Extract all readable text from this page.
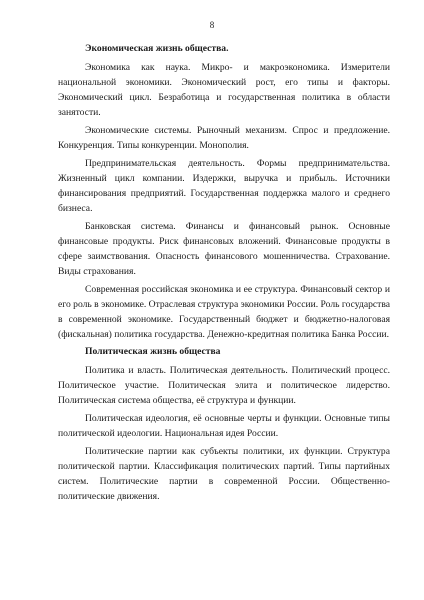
8

Экономическая жизнь общества.

Экономика как наука. Микро- и макроэкономика. Измерители национальной экономики. Экономический рост, его типы и факторы. Экономический цикл. Безработица и государственная политика в области занятости.

Экономические системы. Рыночный механизм. Спрос и предложение. Конкуренция. Типы конкуренции. Монополия.

Предпринимательская деятельность. Формы предпринимательства. Жизненный цикл компании. Издержки, выручка и прибыль. Источники финансирования предприятий. Государственная поддержка малого и среднего бизнеса.

Банковская система. Финансы и финансовый рынок. Основные финансовые продукты. Риск финансовых вложений. Финансовые продукты в сфере заимствования. Опасность финансового мошенничества. Страхование. Виды страхования.

Современная российская экономика и ее структура. Финансовый сектор и его роль в экономике. Отраслевая структура экономики России. Роль государства в современной экономике. Государственный бюджет и бюджетно-налоговая (фискальная) политика государства. Денежно-кредитная политика Банка России.

Политическая жизнь общества

Политика и власть. Политическая деятельность. Политический процесс. Политическое участие. Политическая элита и политическое лидерство. Политическая система общества, её структура и функции.

Политическая идеология, её основные черты и функции. Основные типы политической идеологии. Национальная идея России.

Политические партии как субъекты политики, их функции. Структура политической партии. Классификация политических партий. Типы партийных систем. Политические партии в современной России. Общественно-политические движения.
